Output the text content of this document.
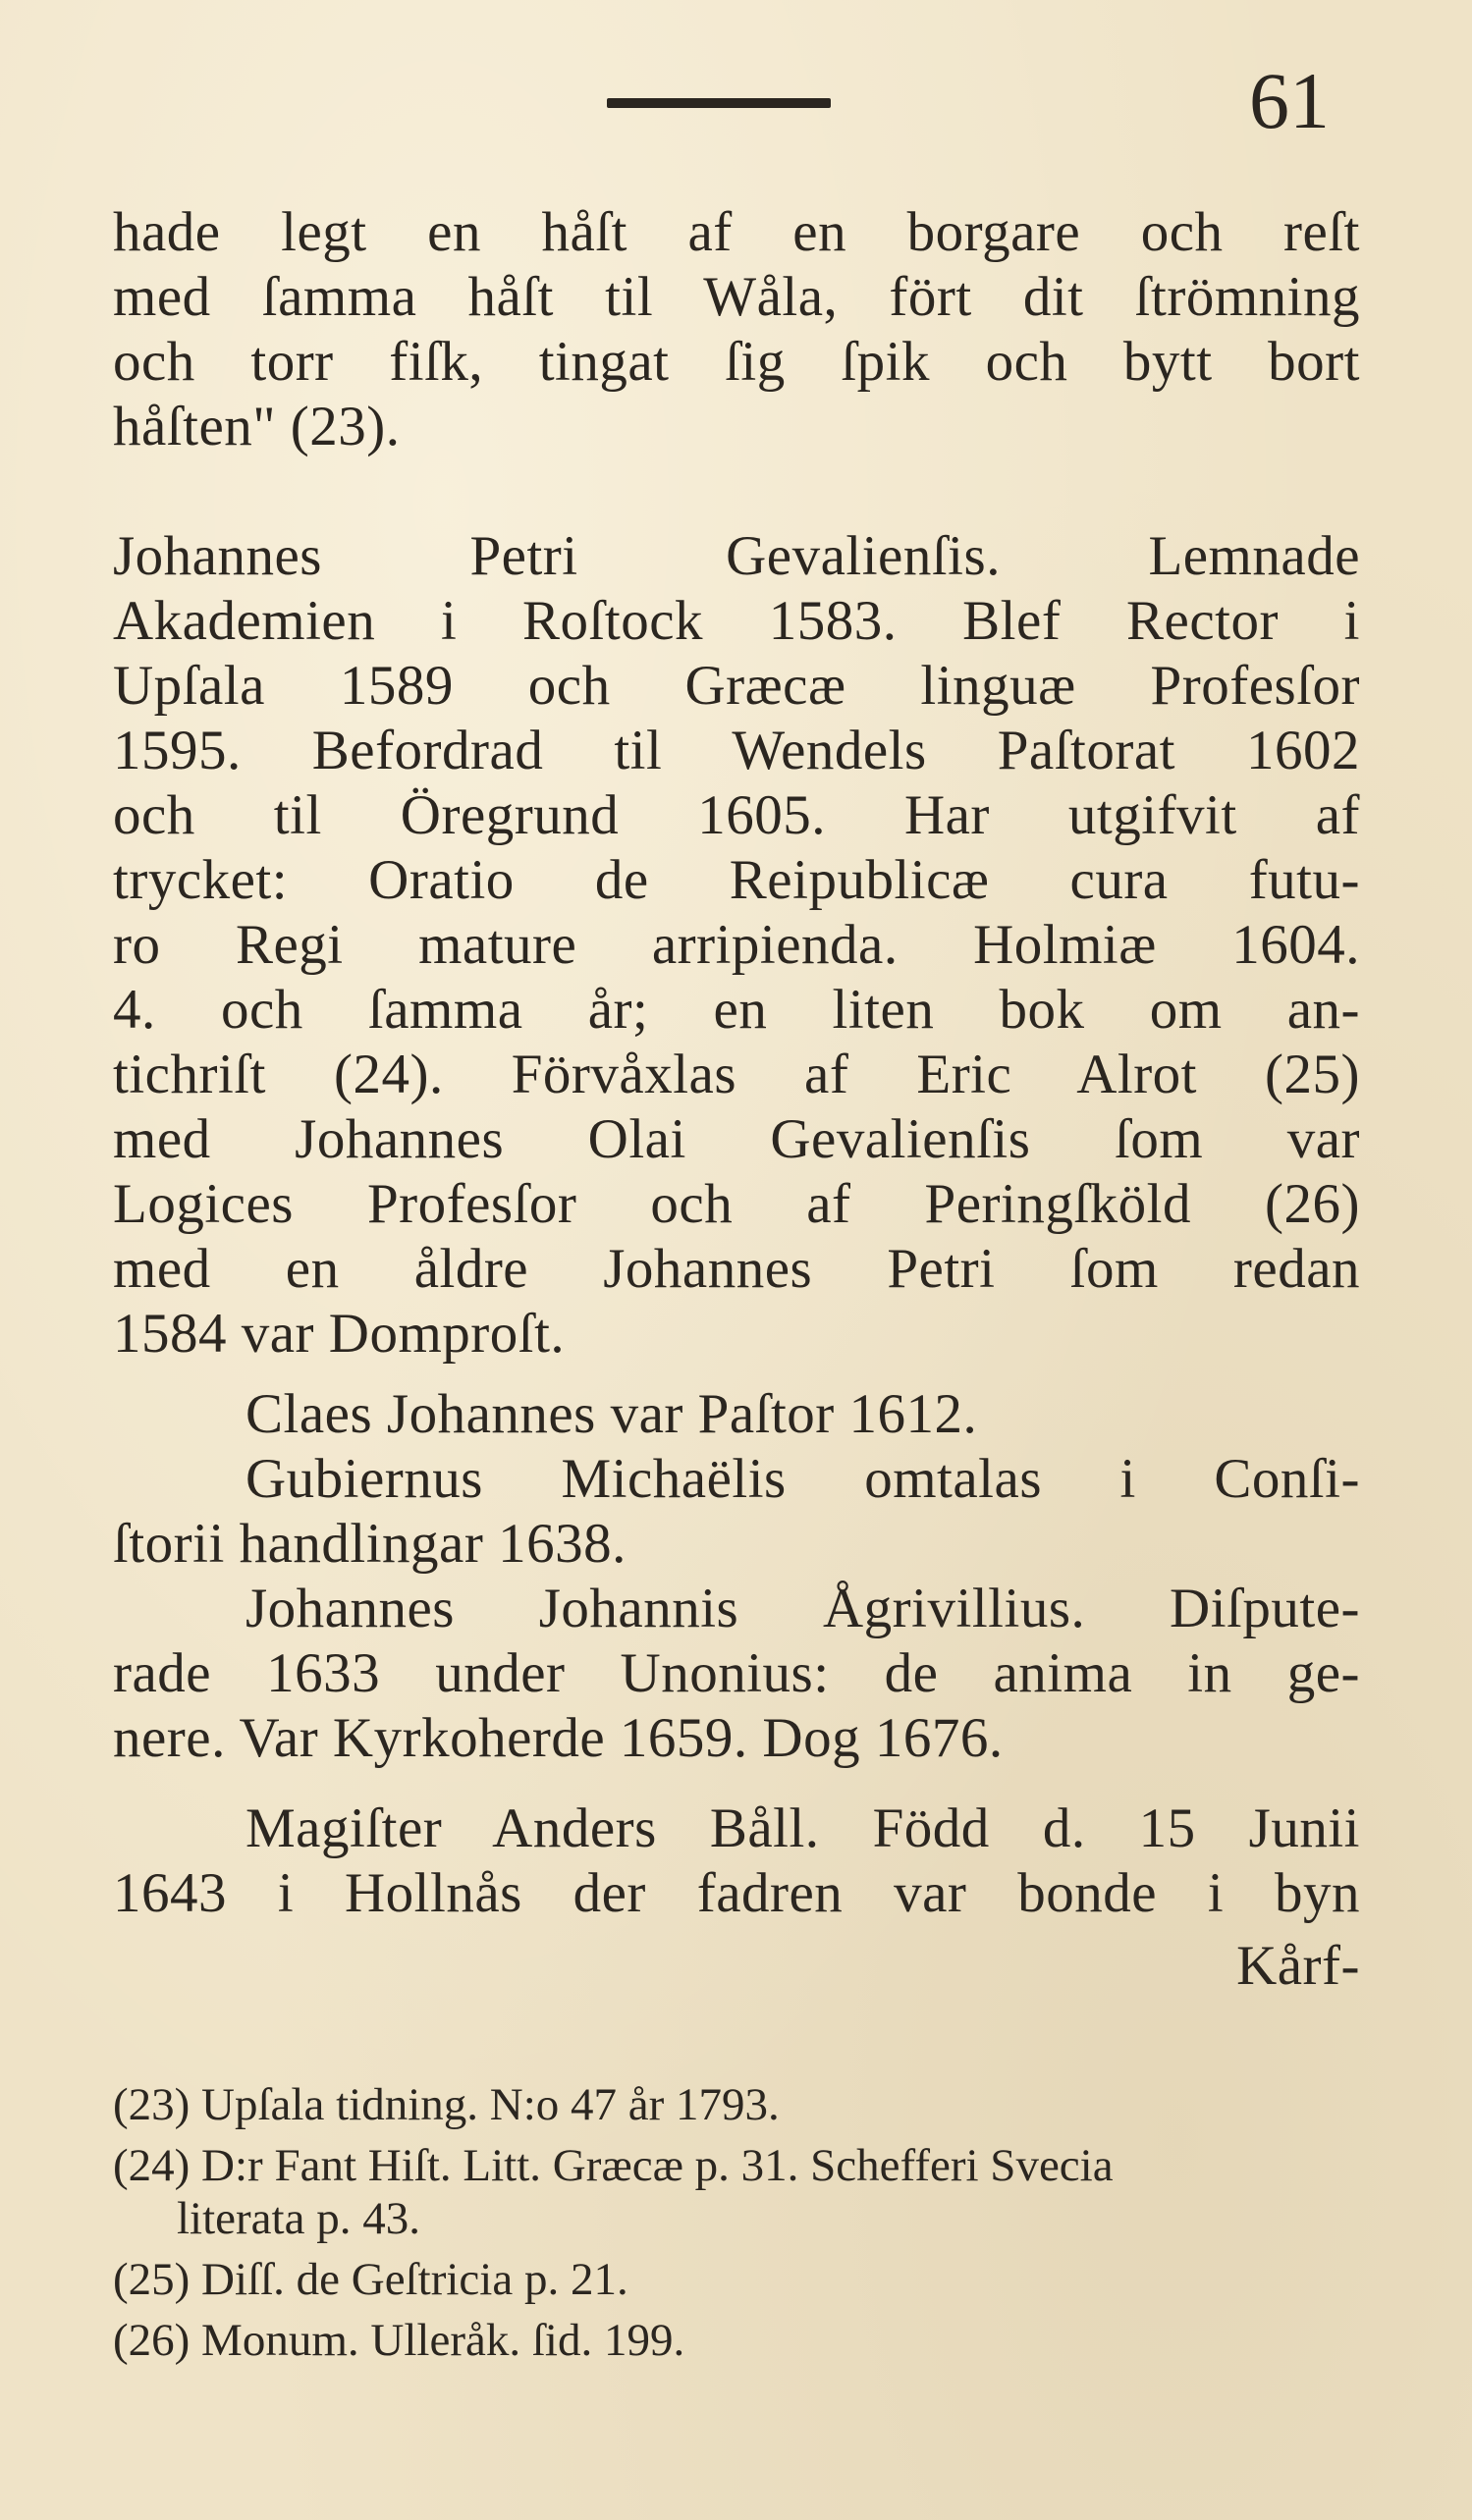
61
hade legt en håſt af en borgare och reſt
med ſamma håſt til Wåla, fört dit ſtrömning
och torr fiſk, tingat ſig ſpik och bytt bort
håſten" (23).
Johannes Petri Gevalienſis. Lemnade
Akademien i Roſtock 1583. Blef Rector i
Upſala 1589 och Græcæ linguæ Profesſor
1595. Befordrad til Wendels Paſtorat 1602
och til Öregrund 1605. Har utgifvit af
trycket: Oratio de Reipublicæ cura futu-
ro Regi mature arripienda. Holmiæ 1604.
4. och ſamma år; en liten bok om an-
tichriſt (24). Förvåxlas af Eric Alrot (25)
med Johannes Olai Gevalienſis ſom var
Logices Profesſor och af Peringſköld (26)
med en åldre Johannes Petri ſom redan
1584 var Domproſt.
Claes Johannes var Paſtor 1612.
Gubiernus Michaëlis omtalas i Conſi-
ſtorii handlingar 1638.
Johannes Johannis Ågrivillius. Diſpute-
rade 1633 under Unonius: de anima in ge-
nere. Var Kyrkoherde 1659. Dog 1676.
Magiſter Anders Båll. Född d. 15 Junii
1643 i Hollnås der fadren var bonde i byn
Kårf-
(23) Upſala tidning. N:o 47 år 1793.
(24) D:r Fant Hiſt. Litt. Græcæ p. 31. Schefferi Svecia
literata p. 43.
(25) Diſſ. de Geſtricia p. 21.
(26) Monum. Ulleråk. ſid. 199.
